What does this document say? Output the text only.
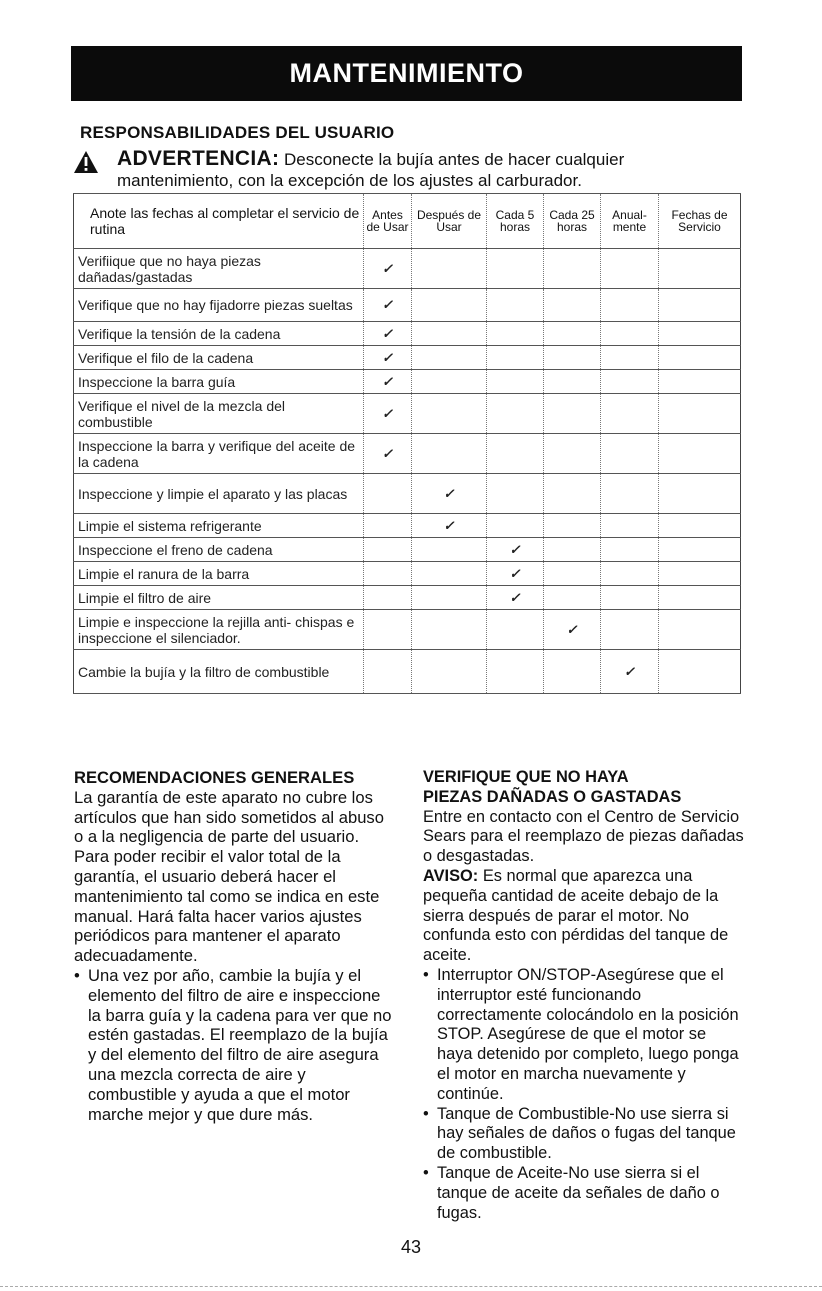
MANTENIMIENTO
RESPONSABILIDADES DEL USUARIO
ADVERTENCIA: Desconecte la bujía antes de hacer cualquier
mantenimiento, con la excepción de los ajustes al carburador.
Anote las fechas al completar el servicio de rutina	Antes de Usar	Después de Usar	Cada 5 horas	Cada 25 horas	Anual- mente	Fechas de Servicio
Verifiique que no haya piezas dañadas/gastadas	✓					
Verifique que no hay fijadorre piezas sueltas	✓					
Verifique la tensión de la cadena	✓					
Verifique el filo de la cadena	✓					
Inspeccione la barra guía	✓					
Verifique el nivel de la mezcla del combustible	✓					
Inspeccione la barra y verifique del aceite de la cadena	✓					
Inspeccione y limpie el aparato y las placas		✓				
Limpie el sistema refrigerante		✓				
Inspeccione el freno de cadena			✓			
Limpie el ranura de la barra			✓			
Limpie el filtro de aire			✓			
Limpie e inspeccione la rejilla anti- chispas e inspeccione el silenciador.				✓		
Cambie la bujía y la filtro de combustible					✓	
RECOMENDACIONES GENERALES
La garantía de este aparato no cubre los artículos que han sido sometidos al abuso o a la negligencia de parte del usuario. Para poder recibir el valor total de la garantía, el usuario deberá hacer el mantenimiento tal como se indica en este manual. Hará falta hacer varios ajustes periódicos para mantener el aparato adecuadamente.
• Una vez por año, cambie la bujía y el elemento del filtro de aire e inspeccione la barra guía y la cadena para ver que no estén gastadas. El reemplazo de la bujía y del elemento del filtro de aire asegura una mezcla correcta de aire y combustible y ayuda a que el motor marche mejor y que dure más.
VERIFIQUE QUE NO HAYA
PIEZAS DAÑADAS O GASTADAS
Entre en contacto con el Centro de Servicio Sears para el reemplazo de piezas dañadas o desgastadas.
AVISO: Es normal que aparezca una pequeña cantidad de aceite debajo de la sierra después de parar el motor. No confunda esto con pérdidas del tanque de aceite.
• Interruptor ON/STOP-Asegúrese que el interruptor esté funcionando correctamente colocándolo en la posición STOP. Asegúrese de que el motor se haya detenido por completo, luego ponga el motor en marcha nuevamente y continúe.
• Tanque de Combustible-No use sierra si hay señales de daños o fugas del tanque de combustible.
• Tanque de Aceite-No use sierra si el tanque de aceite da señales de daño o fugas.
43
